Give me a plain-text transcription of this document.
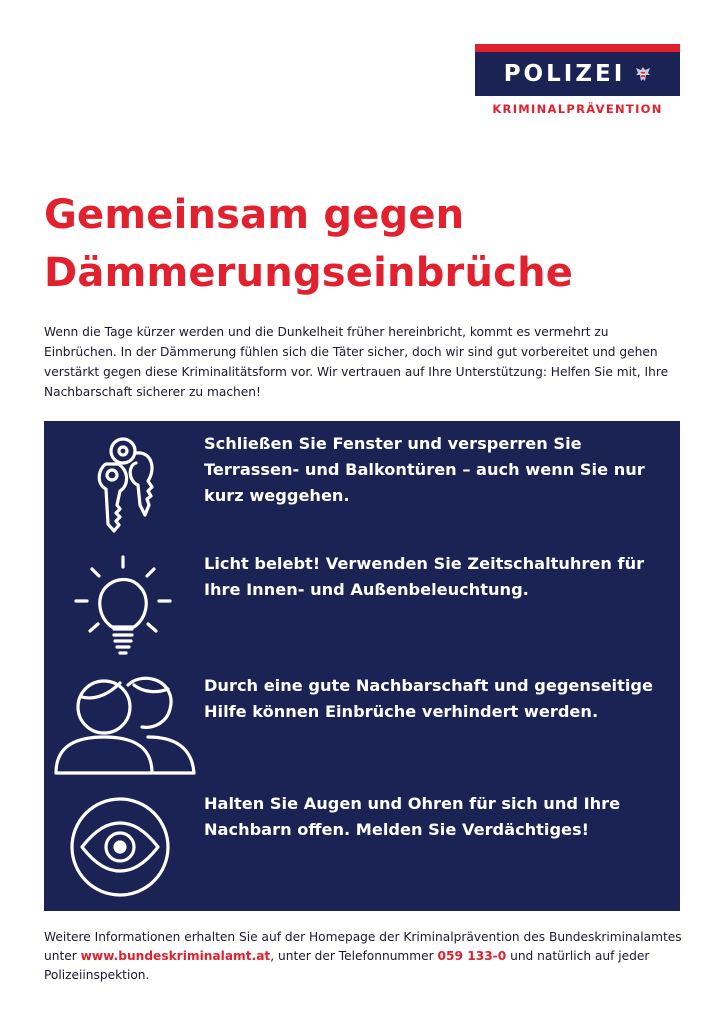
POLIZEI
KRIMINALPRÄVENTION
Gemeinsam gegen
Dämmerungseinbrüche

Wenn die Tage kürzer werden und die Dunkelheit früher hereinbricht, kommt es vermehrt zu Einbrüchen. In der Dämmerung fühlen sich die Täter sicher, doch wir sind gut vorbereitet und gehen verstärkt gegen diese Kriminalitätsform vor. Wir vertrauen auf Ihre Unterstützung: Helfen Sie mit, Ihre Nachbarschaft sicherer zu machen!

Schließen Sie Fenster und versperren Sie Terrassen- und Balkontüren – auch wenn Sie nur kurz weggehen.

Licht belebt! Verwenden Sie Zeitschaltuhren für Ihre Innen- und Außenbeleuchtung.

Durch eine gute Nachbarschaft und gegenseitige Hilfe können Einbrüche verhindert werden.

Halten Sie Augen und Ohren für sich und Ihre Nachbarn offen. Melden Sie Verdächtiges!

Weitere Informationen erhalten Sie auf der Homepage der Kriminalprävention des Bundeskriminalamtes unter www.bundeskriminalamt.at, unter der Telefonnummer 059 133-0 und natürlich auf jeder Polizeiinspektion.
